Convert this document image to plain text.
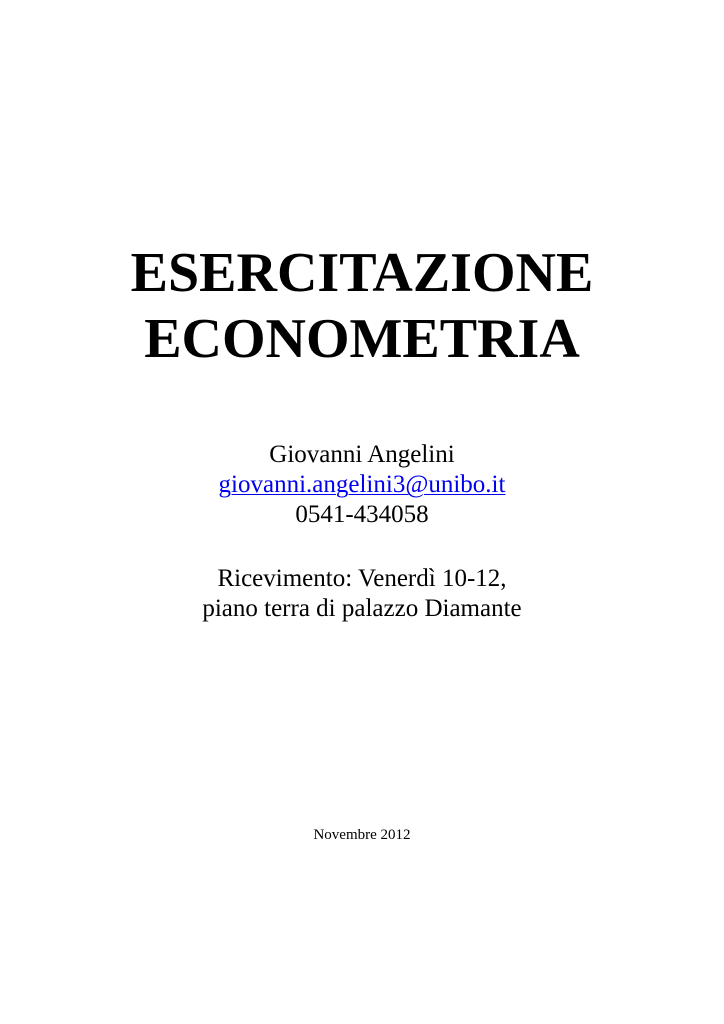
ESERCITAZIONE
ECONOMETRIA
Giovanni Angelini
giovanni.angelini3@unibo.it
0541-434058
Ricevimento: Venerdì 10-12,
piano terra di palazzo Diamante
Novembre 2012
